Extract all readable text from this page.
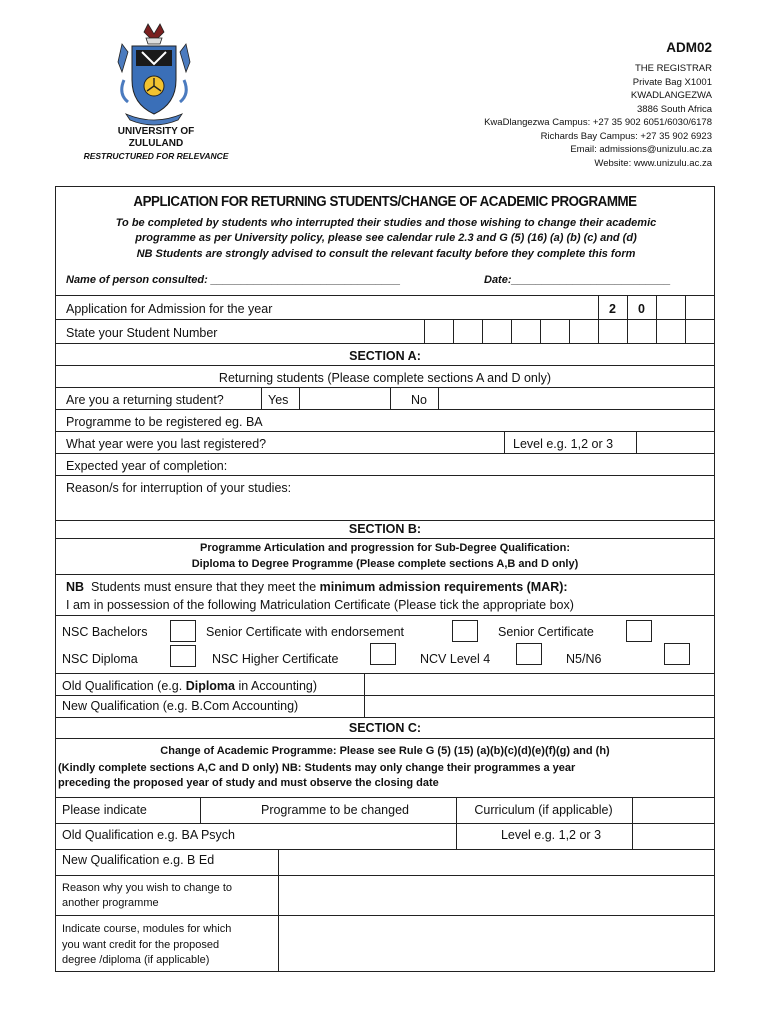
UNIVERSITY OF
ZULULAND
RESTRUCTURED FOR RELEVANCE
ADM02
THE REGISTRAR
Private Bag X1001
KWADLANGEZWA
3886 South Africa
KwaDlangezwa Campus: +27 35 902 6051/6030/6178
Richards Bay Campus: +27 35 902 6923
Email: admissions@unizulu.ac.za
Website: www.unizulu.ac.za
APPLICATION FOR RETURNING STUDENTS/CHANGE OF ACADEMIC PROGRAMME
To be completed by students who interrupted their studies and those wishing to change their academic
programme as per University policy, please see calendar rule 2.3 and G (5) (16) (a) (b) (c) and (d)
NB Students are strongly advised to consult the relevant faculty before they complete this form
Name of person consulted: _______________________________	Date:__________________________
Application for Admission for the year	2	0
State your Student Number
SECTION A:
Returning students (Please complete sections A and D only)
Are you a returning student?	Yes	No
Programme to be registered eg. BA
What year were you last registered?	Level e.g. 1,2 or 3
Expected year of completion:
Reason/s for interruption of your studies:
SECTION B:
Programme Articulation and progression for Sub-Degree Qualification:
Diploma to Degree Programme (Please complete sections A,B and D only)
NB Students must ensure that they meet the minimum admission requirements (MAR):
I am in possession of the following Matriculation Certificate (Please tick the appropriate box)
NSC Bachelors	Senior Certificate with endorsement	Senior Certificate
NSC Diploma	NSC Higher Certificate	NCV Level 4	N5/N6
Old Qualification (e.g. Diploma in Accounting)
New Qualification (e.g. B.Com Accounting)
SECTION C:
Change of Academic Programme: Please see Rule G (5) (15) (a)(b)(c)(d)(e)(f)(g) and (h)
(Kindly complete sections A,C and D only) NB: Students may only change their programmes a year
preceding the proposed year of study and must observe the closing date
Please indicate	Programme to be changed	Curriculum (if applicable)
Old Qualification e.g. BA Psych	Level e.g. 1,2 or 3
New Qualification e.g. B Ed
Reason why you wish to change to
another programme
Indicate course, modules for which
you want credit for the proposed
degree /diploma (if applicable)
